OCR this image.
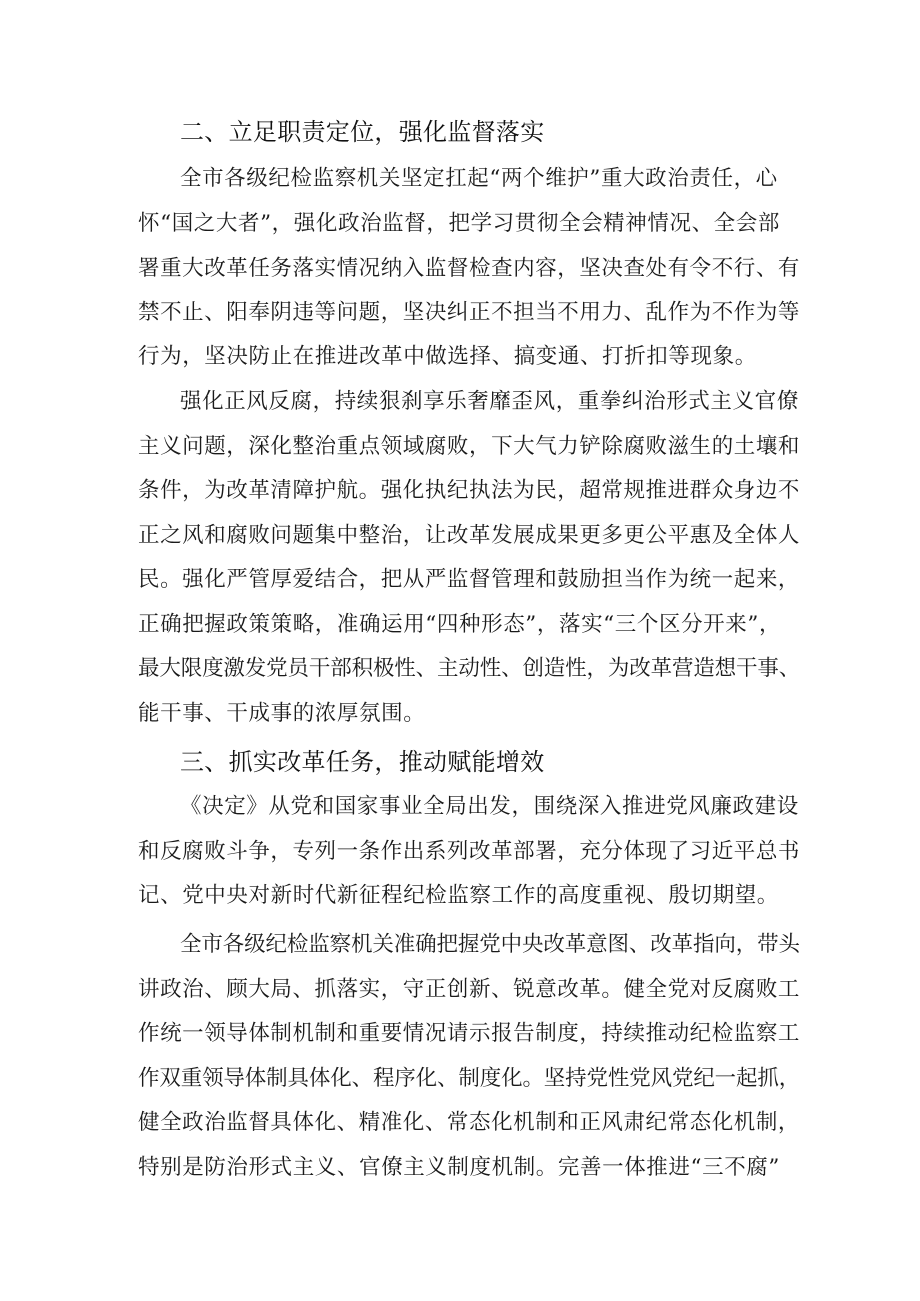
二、立足职责定位，强化监督落实
全市各级纪检监察机关坚定扛起“两个维护”重大政治责任，心
怀“国之大者”，强化政治监督，把学习贯彻全会精神情况、全会部
署重大改革任务落实情况纳入监督检查内容，坚决查处有令不行、有
禁不止、阳奉阴违等问题，坚决纠正不担当不用力、乱作为不作为等
行为，坚决防止在推进改革中做选择、搞变通、打折扣等现象。
强化正风反腐，持续狠刹享乐奢靡歪风，重拳纠治形式主义官僚
主义问题，深化整治重点领域腐败，下大气力铲除腐败滋生的土壤和
条件，为改革清障护航。强化执纪执法为民，超常规推进群众身边不
正之风和腐败问题集中整治，让改革发展成果更多更公平惠及全体人
民。强化严管厚爱结合，把从严监督管理和鼓励担当作为统一起来，
正确把握政策策略，准确运用“四种形态”，落实“三个区分开来”，
最大限度激发党员干部积极性、主动性、创造性，为改革营造想干事、
能干事、干成事的浓厚氛围。
三、抓实改革任务，推动赋能增效
《决定》从党和国家事业全局出发，围绕深入推进党风廉政建设
和反腐败斗争，专列一条作出系列改革部署，充分体现了习近平总书
记、党中央对新时代新征程纪检监察工作的高度重视、殷切期望。
全市各级纪检监察机关准确把握党中央改革意图、改革指向，带头
讲政治、顾大局、抓落实，守正创新、锐意改革。健全党对反腐败工
作统一领导体制机制和重要情况请示报告制度，持续推动纪检监察工
作双重领导体制具体化、程序化、制度化。坚持党性党风党纪一起抓，
健全政治监督具体化、精准化、常态化机制和正风肃纪常态化机制，
特别是防治形式主义、官僚主义制度机制。完善一体推进“三不腐”
